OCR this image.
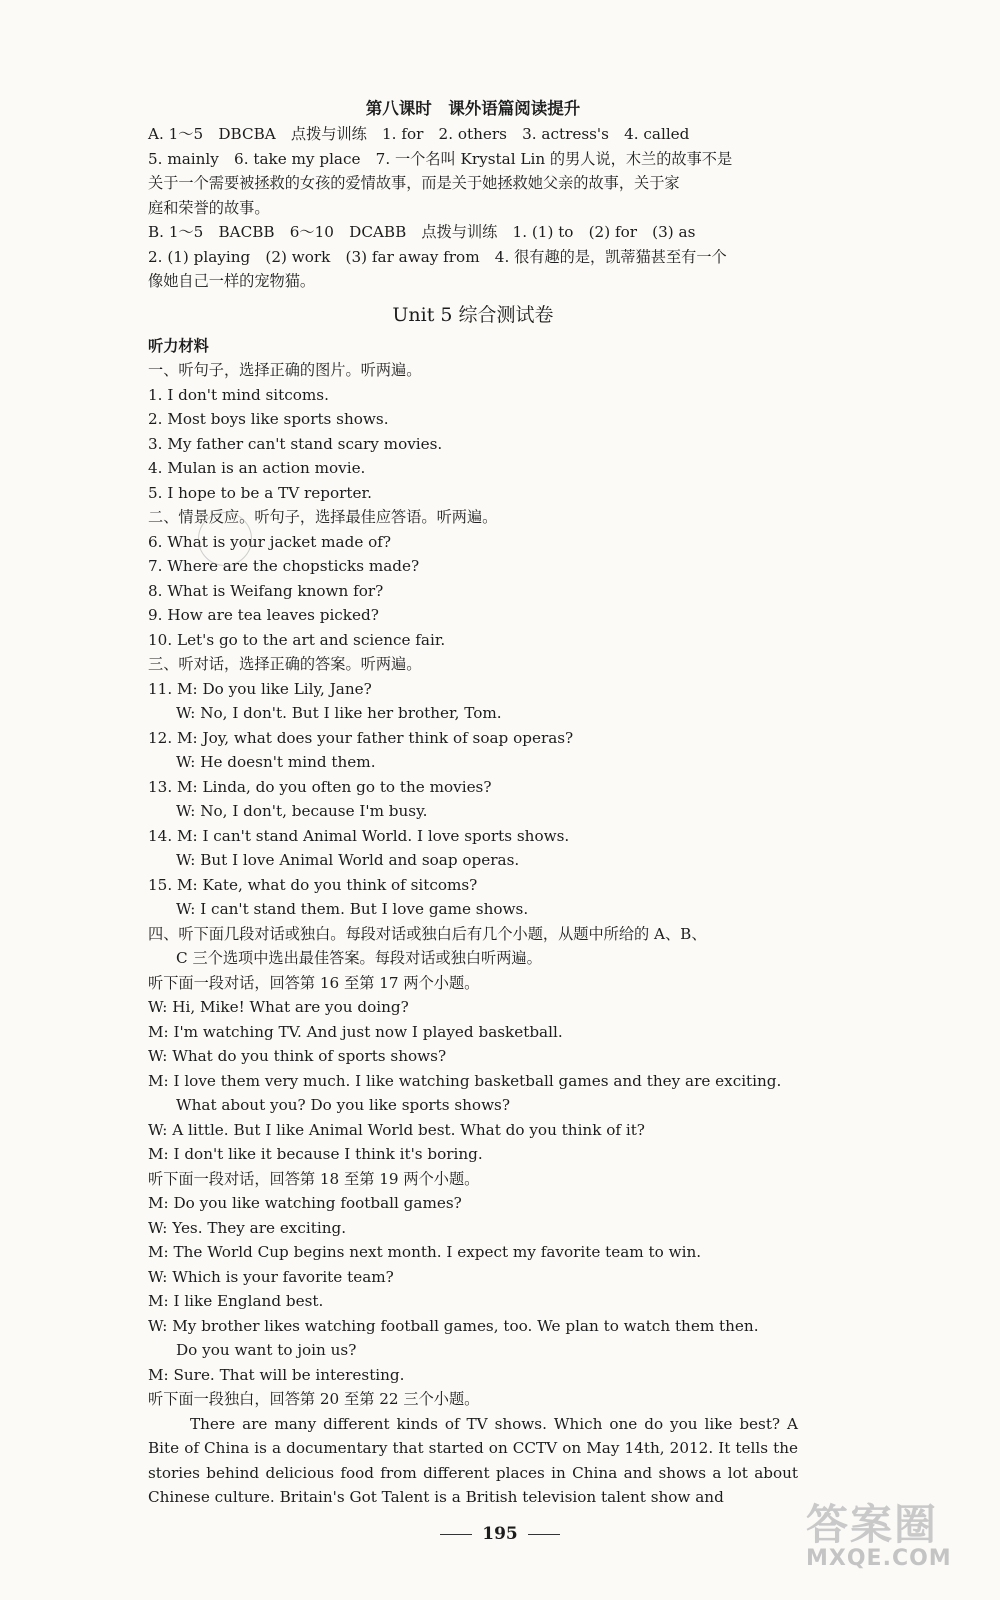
第八课时　课外语篇阅读提升
A. 1～5　DBCBA　点拨与训练　1. for　2. others　3. actress's　4. called
5. mainly　6. take my place　7. 一个名叫 Krystal Lin 的男人说，木兰的故事不是
关于一个需要被拯救的女孩的爱情故事，而是关于她拯救她父亲的故事，关于家
庭和荣誉的故事。
B. 1～5　BACBB　6～10　DCABB　点拨与训练　1. (1) to　(2) for　(3) as
2. (1) playing　(2) work　(3) far away from　4. 很有趣的是，凯蒂猫甚至有一个
像她自己一样的宠物猫。
Unit 5 综合测试卷
听力材料
一、听句子，选择正确的图片。听两遍。
1. I don't mind sitcoms.
2. Most boys like sports shows.
3. My father can't stand scary movies.
4. Mulan is an action movie.
5. I hope to be a TV reporter.
二、情景反应。听句子，选择最佳应答语。听两遍。
6. What is your jacket made of?
7. Where are the chopsticks made?
8. What is Weifang known for?
9. How are tea leaves picked?
10. Let's go to the art and science fair.
三、听对话，选择正确的答案。听两遍。
11. M: Do you like Lily, Jane?
W: No, I don't. But I like her brother, Tom.
12. M: Joy, what does your father think of soap operas?
W: He doesn't mind them.
13. M: Linda, do you often go to the movies?
W: No, I don't, because I'm busy.
14. M: I can't stand Animal World. I love sports shows.
W: But I love Animal World and soap operas.
15. M: Kate, what do you think of sitcoms?
W: I can't stand them. But I love game shows.
四、听下面几段对话或独白。每段对话或独白后有几个小题，从题中所给的 A、B、
C 三个选项中选出最佳答案。每段对话或独白听两遍。
听下面一段对话，回答第 16 至第 17 两个小题。
W: Hi, Mike! What are you doing?
M: I'm watching TV. And just now I played basketball.
W: What do you think of sports shows?
M: I love them very much. I like watching basketball games and they are exciting.
What about you? Do you like sports shows?
W: A little. But I like Animal World best. What do you think of it?
M: I don't like it because I think it's boring.
听下面一段对话，回答第 18 至第 19 两个小题。
M: Do you like watching football games?
W: Yes. They are exciting.
M: The World Cup begins next month. I expect my favorite team to win.
W: Which is your favorite team?
M: I like England best.
W: My brother likes watching football games, too. We plan to watch them then.
Do you want to join us?
M: Sure. That will be interesting.
听下面一段独白，回答第 20 至第 22 三个小题。
There are many different kinds of TV shows. Which one do you like best? A Bite of China is a documentary that started on CCTV on May 14th, 2012. It tells the stories behind delicious food from different places in China and shows a lot about Chinese culture. Britain's Got Talent is a British television talent show and
195	答案圈
MXQE.COM
